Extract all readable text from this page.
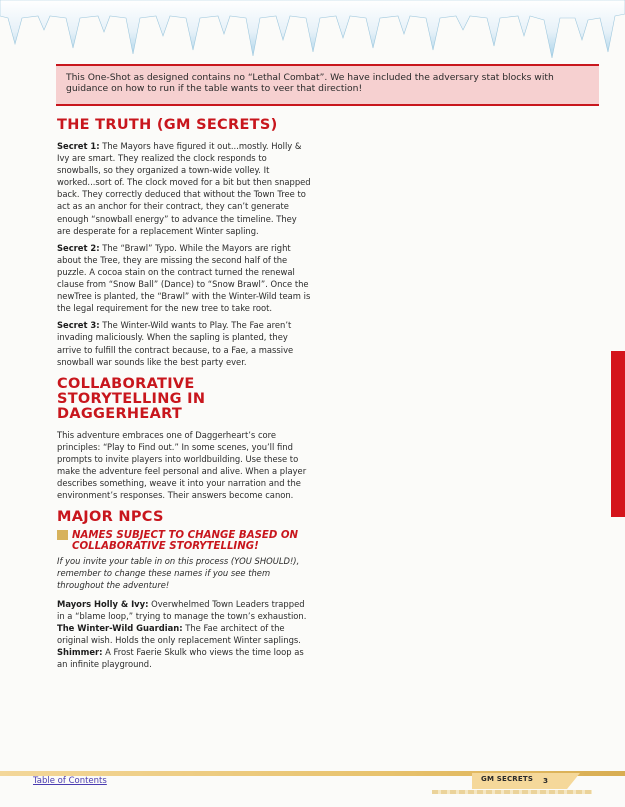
This One-Shot as designed contains no “Lethal Combat”. We have included the adversary stat blocks with guidance on how to run if the table wants to veer that direction!
THE TRUTH (GM SECRETS)

Secret 1: The Mayors have figured it out...mostly. Holly & Ivy are smart. They realized the clock responds to snowballs, so they organized a town-wide volley. It worked...sort of. The clock moved for a bit but then snapped back. They correctly deduced that without the Town Tree to act as an anchor for their contract, they can’t generate enough “snowball energy” to advance the timeline. They are desperate for a replacement Winter sapling.

Secret 2: The “Brawl” Typo. While the Mayors are right about the Tree, they are missing the second half of the puzzle. A cocoa stain on the contract turned the renewal clause from “Snow Ball” (Dance) to “Snow Brawl”. Once the newTree is planted, the “Brawl” with the Winter-Wild team is the legal requirement for the new tree to take root.

Secret 3: The Winter-Wild wants to Play. The Fae aren’t invading maliciously. When the sapling is planted, they arrive to fulfill the contract because, to a Fae, a massive snowball war sounds like the best party ever.

COLLABORATIVE STORYTELLING IN DAGGERHEART

This adventure embraces one of Daggerheart’s core principles: “Play to Find out.” In some scenes, you’ll find prompts to invite players into worldbuilding. Use these to make the adventure feel personal and alive. When a player describes something, weave it into your narration and the environment’s responses. Their answers become canon.

MAJOR NPCS
NAMES SUBJECT TO CHANGE BASED ON COLLABORATIVE STORYTELLING!

If you invite your table in on this process (YOU SHOULD!), remember to change these names if you see them throughout the adventure!

Mayors Holly & Ivy: Overwhelmed Town Leaders trapped in a “blame loop,” trying to manage the town’s exhaustion.

The Winter-Wild Guardian: The Fae architect of the original wish. Holds the only replacement Winter saplings.

Shimmer: A Frost Faerie Skulk who views the time loop as an infinite playground.

Table of Contents	GM SECRETS 3
